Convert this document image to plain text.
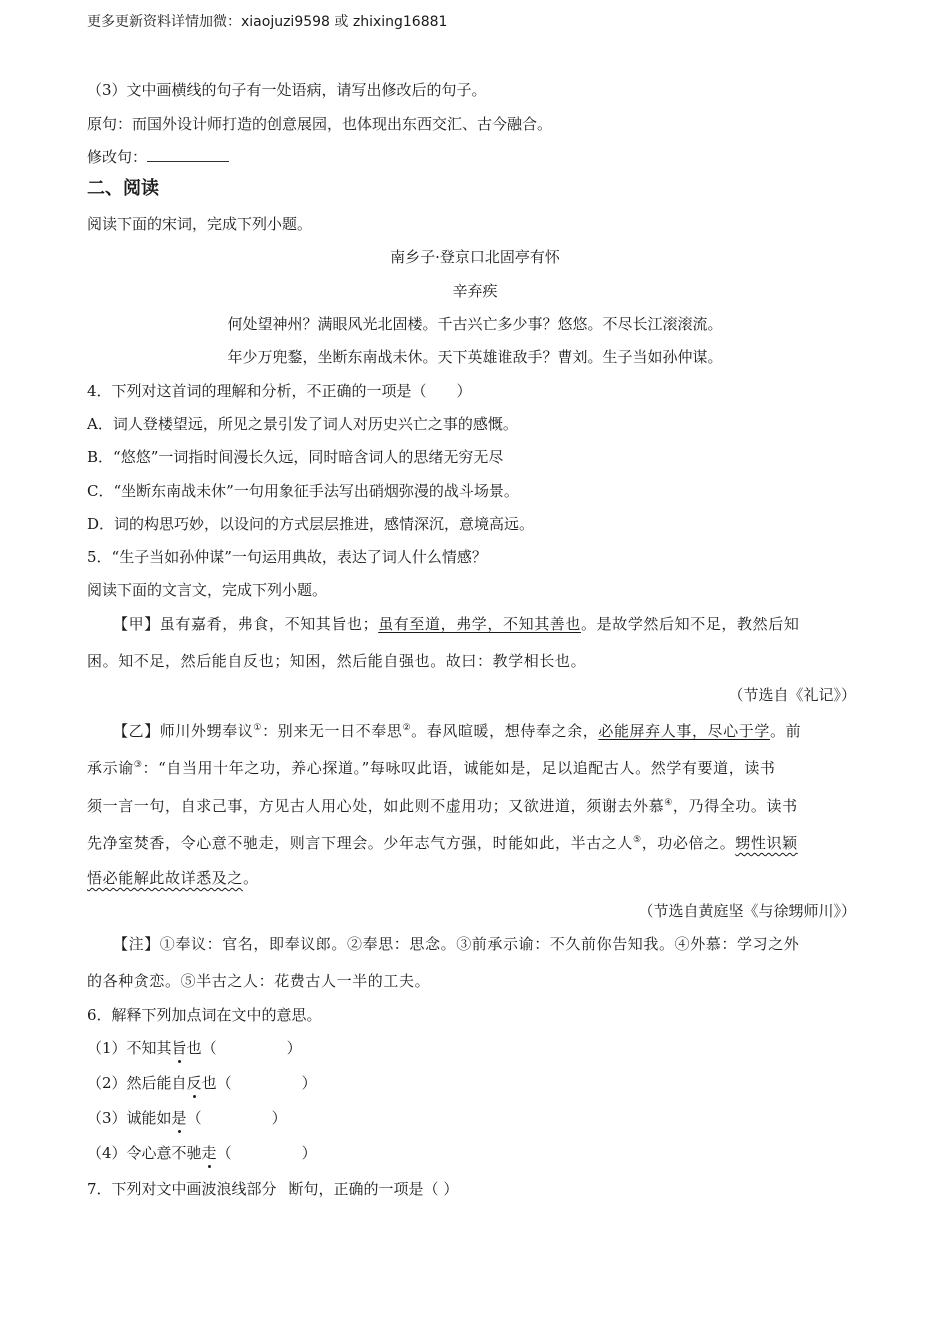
更多更新资料详情加微：xiaojuzi9598 或 zhixing16881
（3）文中画横线的句子有一处语病，请写出修改后的句子。
原句：而国外设计师打造的创意展园，也体现出东西交汇、古今融合。
修改句：
二、阅读
阅读下面的宋词，完成下列小题。
南乡子·登京口北固亭有怀
辛弃疾
何处望神州？满眼风光北固楼。千古兴亡多少事？悠悠。不尽长江滚滚流。
年少万兜鍪，坐断东南战未休。天下英雄谁敌手？曹刘。生子当如孙仲谋。
4．下列对这首词的理解和分析，不正确的一项是（　　）
A．词人登楼望远，所见之景引发了词人对历史兴亡之事的感慨。
B．“悠悠”一词指时间漫长久远，同时暗含词人的思绪无穷无尽
C．“坐断东南战未休”一句用象征手法写出硝烟弥漫的战斗场景。
D．词的构思巧妙，以设问的方式层层推进，感情深沉，意境高远。
5．“生子当如孙仲谋”一句运用典故，表达了词人什么情感？
阅读下面的文言文，完成下列小题。
【甲】虽有嘉肴，弗食，不知其旨也；虽有至道，弗学，不知其善也。是故学然后知不足，教然后知
困。知不足，然后能自反也；知困，然后能自强也。故曰：教学相长也。
（节选自《礼记》）
【乙】师川外甥奉议①：别来无一日不奉思②。春风暄暖，想侍奉之余，必能屏弃人事，尽心于学。前
承示谕③：“自当用十年之功，养心探道。”每咏叹此语，诚能如是，足以追配古人。然学有要道，读书
须一言一句，自求己事，方见古人用心处，如此则不虚用功；又欲进道，须谢去外慕④，乃得全功。读书
先净室焚香，令心意不驰走，则言下理会。少年志气方强，时能如此，半古之人⑤，功必倍之。甥性识颖
悟必能解此故详悉及之。
（节选自黄庭坚《与徐甥师川》）
【注】①奉议：官名，即奉议郎。②奉思：思念。③前承示谕：不久前你告知我。④外慕：学习之外
的各种贪恋。⑤半古之人：花费古人一半的工夫。
6．解释下列加点词在文中的意思。
（1）不知其旨也（	）
（2）然后能自反也（	）
（3）诚能如是（	）
（4）令心意不驰走（	）
7．下列对文中画波浪线部分 断句，正确的一项是（ ）
